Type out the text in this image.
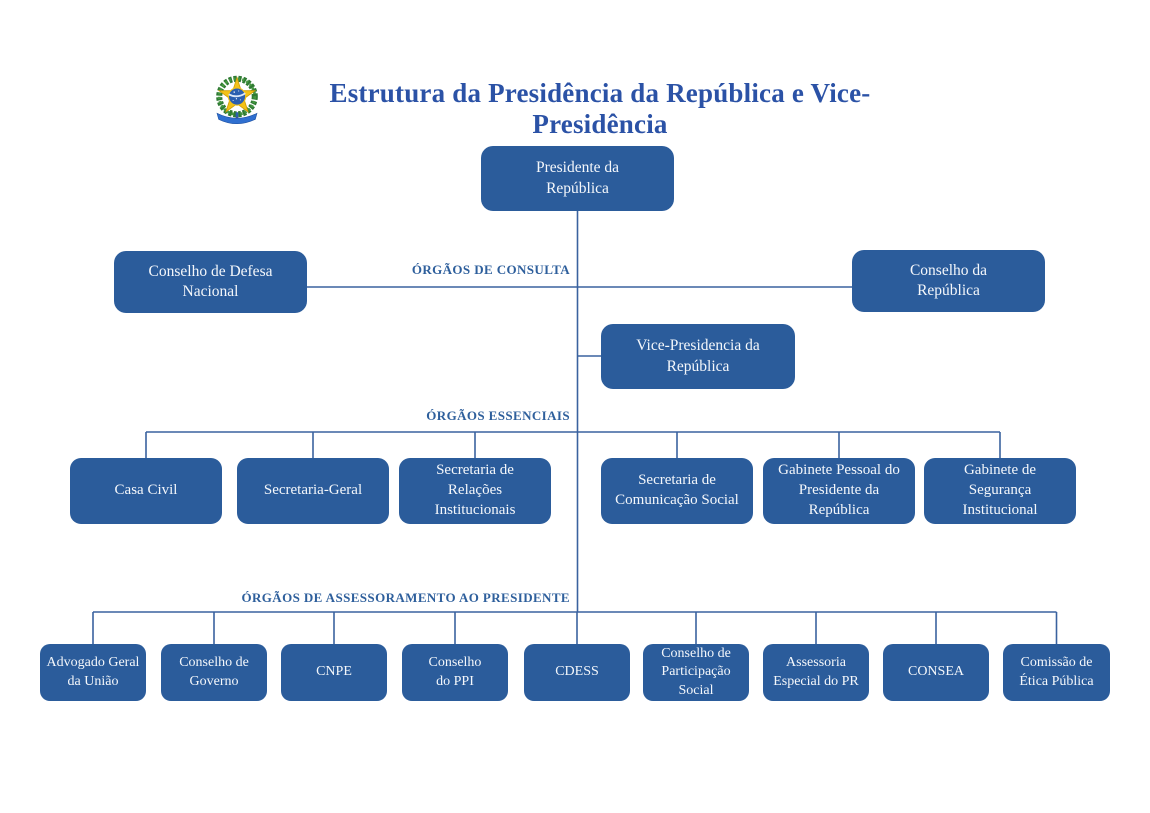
Estrutura da Presidência da República e Vice-Presidência
ÓRGÃOS DE CONSULTA
ÓRGÃOS ESSENCIAIS
ÓRGÃOS DE ASSESSORAMENTO AO PRESIDENTE
Presidente da República
Conselho de Defesa Nacional
Conselho da República
Vice-Presidencia da República
Casa Civil	Secretaria-Geral
Secretaria de Relações Institucionais
Secretaria de Comunicação Social
Gabinete Pessoal do Presidente da República
Gabinete de Segurança Institucional
Advogado Geral da União
Conselho de Governo
CNPE
Conselho do PPI
CDESS
Conselho de Participação Social
Assessoria Especial do PR
CONSEA
Comissão de Ética Pública
